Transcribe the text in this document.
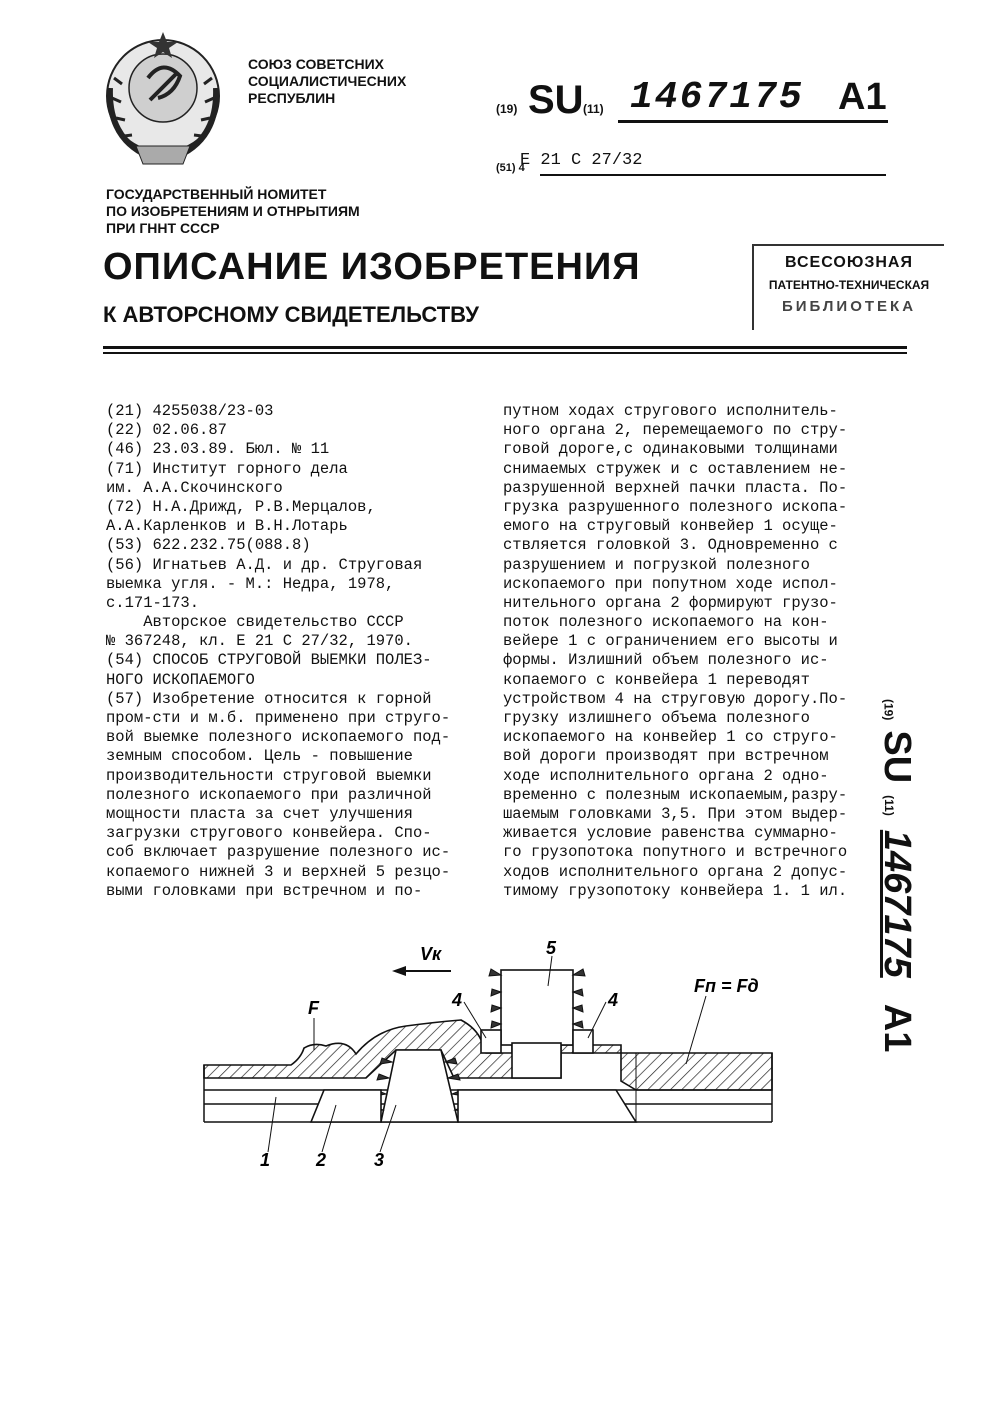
СОЮЗ СОВЕТСНИХ
СОЦИАЛИСТИЧЕСНИХ
РЕСПУБЛИН
(19) SU (11) 1467175 A1
(51) 4
E 21 C 27/32
ГОСУДАРСТВЕННЫЙ НОМИТЕТ
ПО ИЗОБРЕТЕНИЯМ И ОТНРЫТИЯМ
ПРИ ГННТ СССР
ОПИСАНИЕ ИЗОБРЕТЕНИЯ
К АВТОРСНОМУ СВИДЕТЕЛЬСТВУ
ВСЕСОЮЗНАЯ
ПАТЕНТНО-ТЕХНИЧЕСКАЯ
БИБЛИОТЕКА
(21) 4255038/23-03
(22) 02.06.87
(46) 23.03.89. Бюл. № 11
(71) Институт горного дела
им. А.А.Скочинского
(72) Н.А.Дрижд, Р.В.Мерцалов,
А.А.Карленков и В.Н.Лотарь
(53) 622.232.75(088.8)
(56) Игнатьев А.Д. и др. Струговая
выемка угля. - М.: Недра, 1978,
с.171-173.
Авторское свидетельство СССР
№ 367248, кл. Е 21 С 27/32, 1970.
(54) СПОСОБ СТРУГОВОЙ ВЫЕМКИ ПОЛЕЗ-
НОГО ИСКОПАЕМОГО
(57) Изобретение относится к горной
пром-сти и м.б. применено при струго-
вой выемке полезного ископаемого под-
земным способом. Цель - повышение
производительности струговой выемки
полезного ископаемого при различной
мощности пласта за счет улучшения
загрузки стругового конвейера. Спо-
соб включает разрушение полезного ис-
копаемого нижней 3 и верхней 5 резцо-
выми головками при встречном и по-
путном ходах стругового исполнитель-
ного органа 2, перемещаемого по стру-
говой дороге,с одинаковыми толщинами
снимаемых стружек и с оставлением не-
разрушенной верхней пачки пласта. По-
грузка разрушенного полезного ископа-
емого на струговый конвейер 1 осуще-
ствляется головкой 3. Одновременно с
разрушением и погрузкой полезного
ископаемого при попутном ходе испол-
нительного органа 2 формируют грузо-
поток полезного ископаемого на кон-
вейере 1 с ограничением его высоты и
формы. Излишний объем полезного ис-
копаемого с конвейера 1 переводят
устройством 4 на струговую дорогу.По-
грузку излишнего объема полезного
ископаемого на конвейер 1 со стругo-
вой дороги производят при встречном
ходе исполнительного органа 2 одно-
временно с полезным ископаемым,разру-
шаемым головками 3,5. При этом выдер-
живается условие равенства суммарно-
го грузопотока попутного и встречного
ходов исполнительного органа 2 допус-
тимому грузопотоку конвейера 1. 1 ил.
(19) SU (11) 1467175 A1
Vк
F
Fп = Fд
5
4	4
1	2	3
